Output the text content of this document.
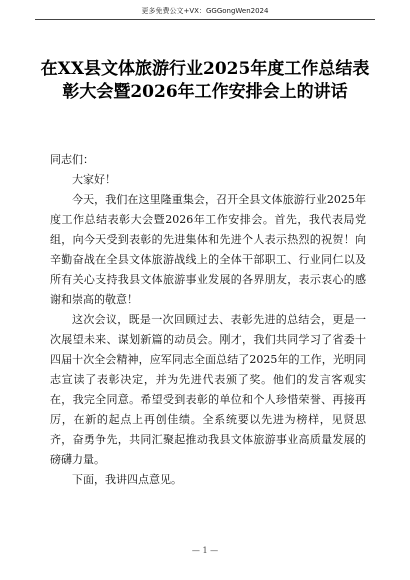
更多免费公文+VX：GGGongWen2024
在XX县文体旅游行业2025年度工作总结表彰大会暨2026年工作安排会上的讲话
同志们：

大家好！

今天，我们在这里隆重集会，召开全县文体旅游行业2025年度工作总结表彰大会暨2026年工作安排会。首先，我代表局党组，向今天受到表彰的先进集体和先进个人表示热烈的祝贺！向辛勤奋战在全县文体旅游战线上的全体干部职工、行业同仁以及所有关心支持我县文体旅游事业发展的各界朋友，表示衷心的感谢和崇高的敬意！

这次会议，既是一次回顾过去、表彰先进的总结会，更是一次展望未来、谋划新篇的动员会。刚才，我们共同学习了省委十四届十次全会精神，应军同志全面总结了2025年的工作，光明同志宣读了表彰决定，并为先进代表颁了奖。他们的发言客观实在，我完全同意。希望受到表彰的单位和个人珍惜荣誉、再接再厉，在新的起点上再创佳绩。全系统要以先进为榜样，见贤思齐，奋勇争先，共同汇聚起推动我县文体旅游事业高质量发展的磅礴力量。

下面，我讲四点意见。

— 1 —
